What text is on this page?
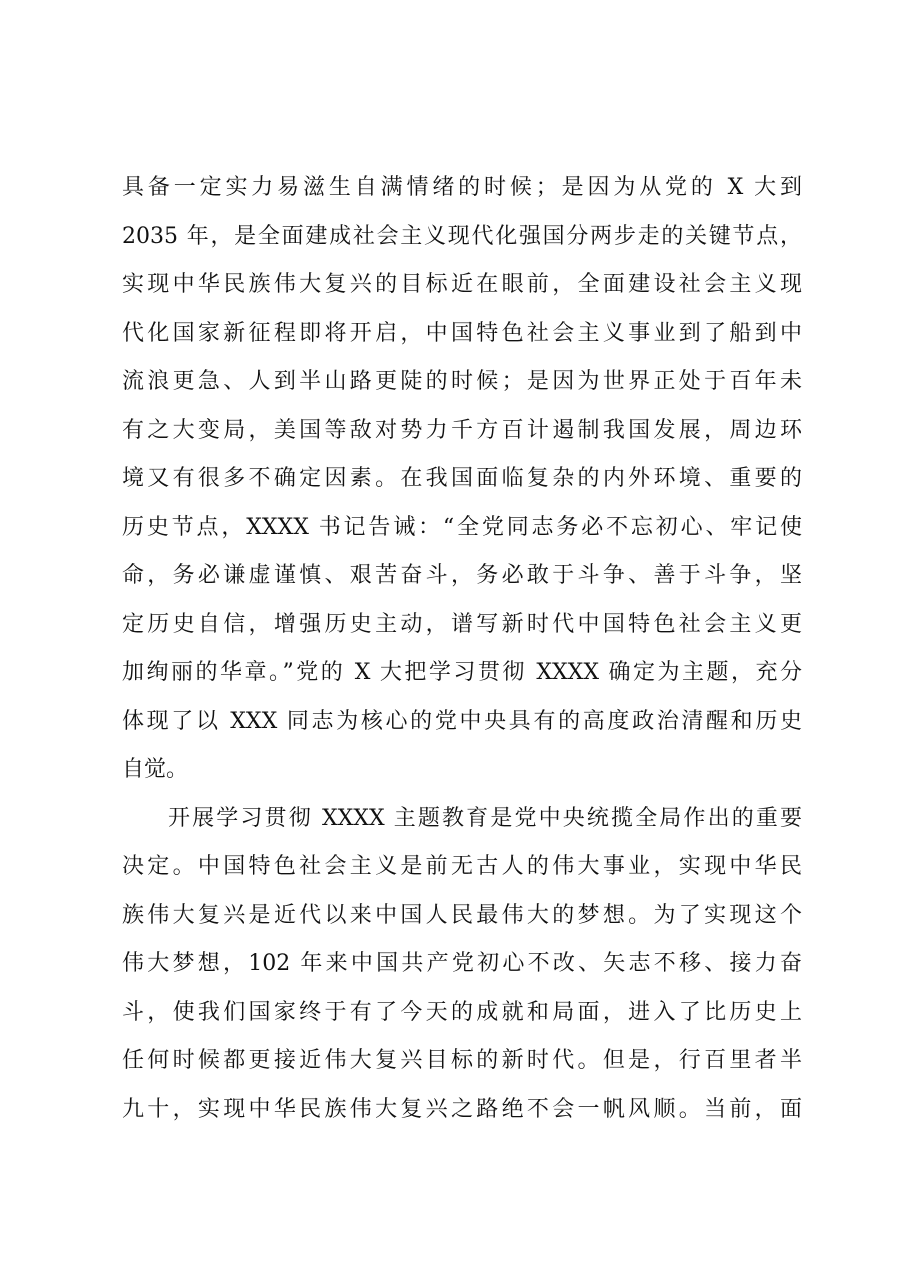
具备一定实力易滋生自满情绪的时候；是因为从党的 X 大到
2035 年，是全面建成社会主义现代化强国分两步走的关键节点，
实现中华民族伟大复兴的目标近在眼前，全面建设社会主义现
代化国家新征程即将开启，中国特色社会主义事业到了船到中
流浪更急、人到半山路更陡的时候；是因为世界正处于百年未
有之大变局，美国等敌对势力千方百计遏制我国发展，周边环
境又有很多不确定因素。在我国面临复杂的内外环境、重要的
历史节点，XXXX 书记告诫：“全党同志务必不忘初心、牢记使
命，务必谦虚谨慎、艰苦奋斗，务必敢于斗争、善于斗争，坚
定历史自信，增强历史主动，谱写新时代中国特色社会主义更
加绚丽的华章。”党的 X 大把学习贯彻 XXXX 确定为主题，充分
体现了以 XXX 同志为核心的党中央具有的高度政治清醒和历史
自觉。
开展学习贯彻 XXXX 主题教育是党中央统揽全局作出的重要
决定。中国特色社会主义是前无古人的伟大事业，实现中华民
族伟大复兴是近代以来中国人民最伟大的梦想。为了实现这个
伟大梦想，102 年来中国共产党初心不改、矢志不移、接力奋
斗，使我们国家终于有了今天的成就和局面，进入了比历史上
任何时候都更接近伟大复兴目标的新时代。但是，行百里者半
九十，实现中华民族伟大复兴之路绝不会一帆风顺。当前，面
